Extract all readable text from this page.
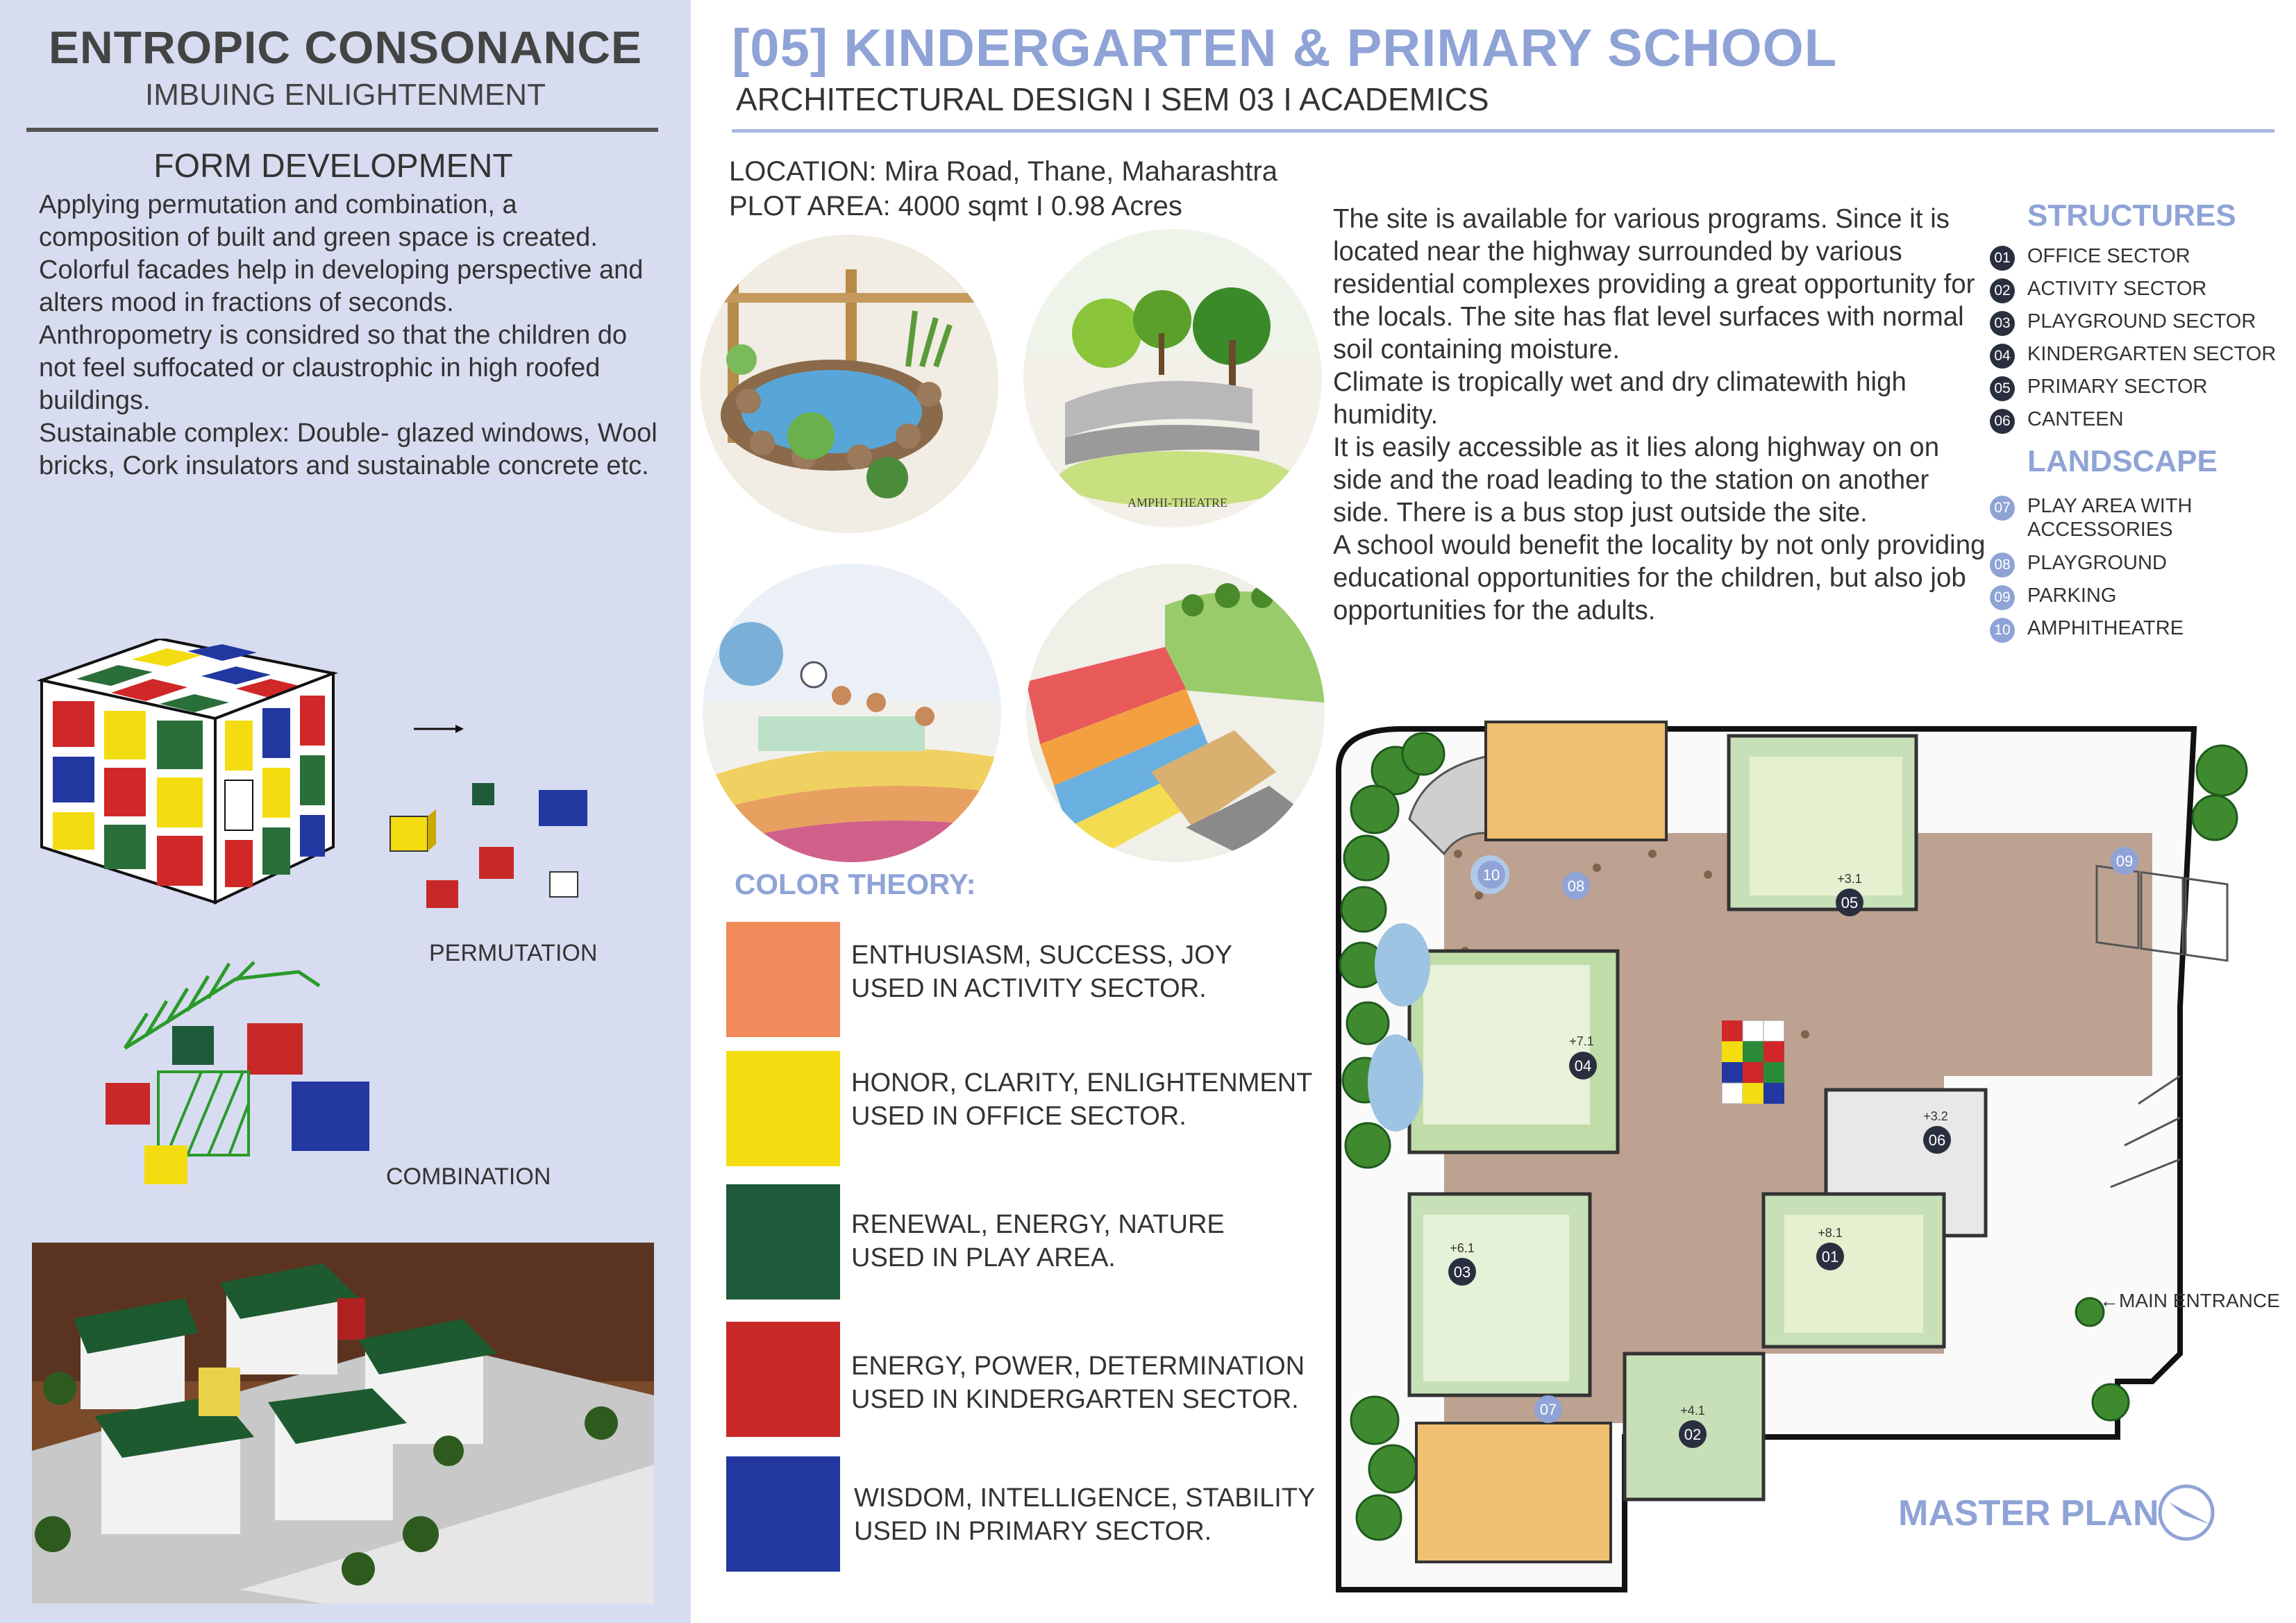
ENTROPIC CONSONANCE
IMBUING ENLIGHTENMENT
FORM DEVELOPMENT

Applying permutation and combination, a composition of built and green space is created.

Colorful facades help in developing perspective and alters mood in fractions of seconds.

Anthropometry is considred so that the children do not feel suffocated or claustrophic in high roofed buildings.

Sustainable complex: Double- glazed windows, Wool bricks, Cork insulators and sustainable concrete etc.

PERMUTATION
COMBINATION
[05] KINDERGARTEN & PRIMARY SCHOOL
ARCHITECTURAL DESIGN I SEM 03 I ACADEMICS
LOCATION: Mira Road, Thane, Maharashtra
PLOT AREA: 4000 sqmt I 0.98 Acres	The site is available for various programs. Since it is located near the highway surrounded by various residential complexes providing a great opportunity for the locals. The site has flat level surfaces with normal soil containing moisture.

Climate is tropically wet and dry climatewith high humidity.

It is easily accessible as it lies along highway on on side and the road leading to the station on another side. There is a bus stop just outside the site.

A school would benefit the locality by not only providing educational opportunities for the children, but also job opportunities for the adults.

AMPHI-THEATRE
STRUCTURES
01 OFFICE SECTOR
02 ACTIVITY SECTOR
03 PLAYGROUND SECTOR
04 KINDERGARTEN SECTOR
05 PRIMARY SECTOR
06 CANTEEN
LANDSCAPE
07 PLAY AREA WITH ACCESSORIES
08 PLAYGROUND
09 PARKING
10 AMPHITHEATRE
COLOR THEORY:
ENTHUSIASM, SUCCESS, JOY
USED IN ACTIVITY SECTOR.
HONOR, CLARITY, ENLIGHTENMENT
USED IN OFFICE SECTOR.
RENEWAL, ENERGY, NATURE
USED IN PLAY AREA.
ENERGY, POWER, DETERMINATION
USED IN KINDERGARTEN SECTOR.
WISDOM, INTELLIGENCE, STABILITY
USED IN PRIMARY SECTOR.
10
08
09
07
05
04
06
01
03
02
+3.1
+7.1
+3.2
+8.1
+6.1
+4.1
←MAIN ENTRANCE
MASTER PLAN
